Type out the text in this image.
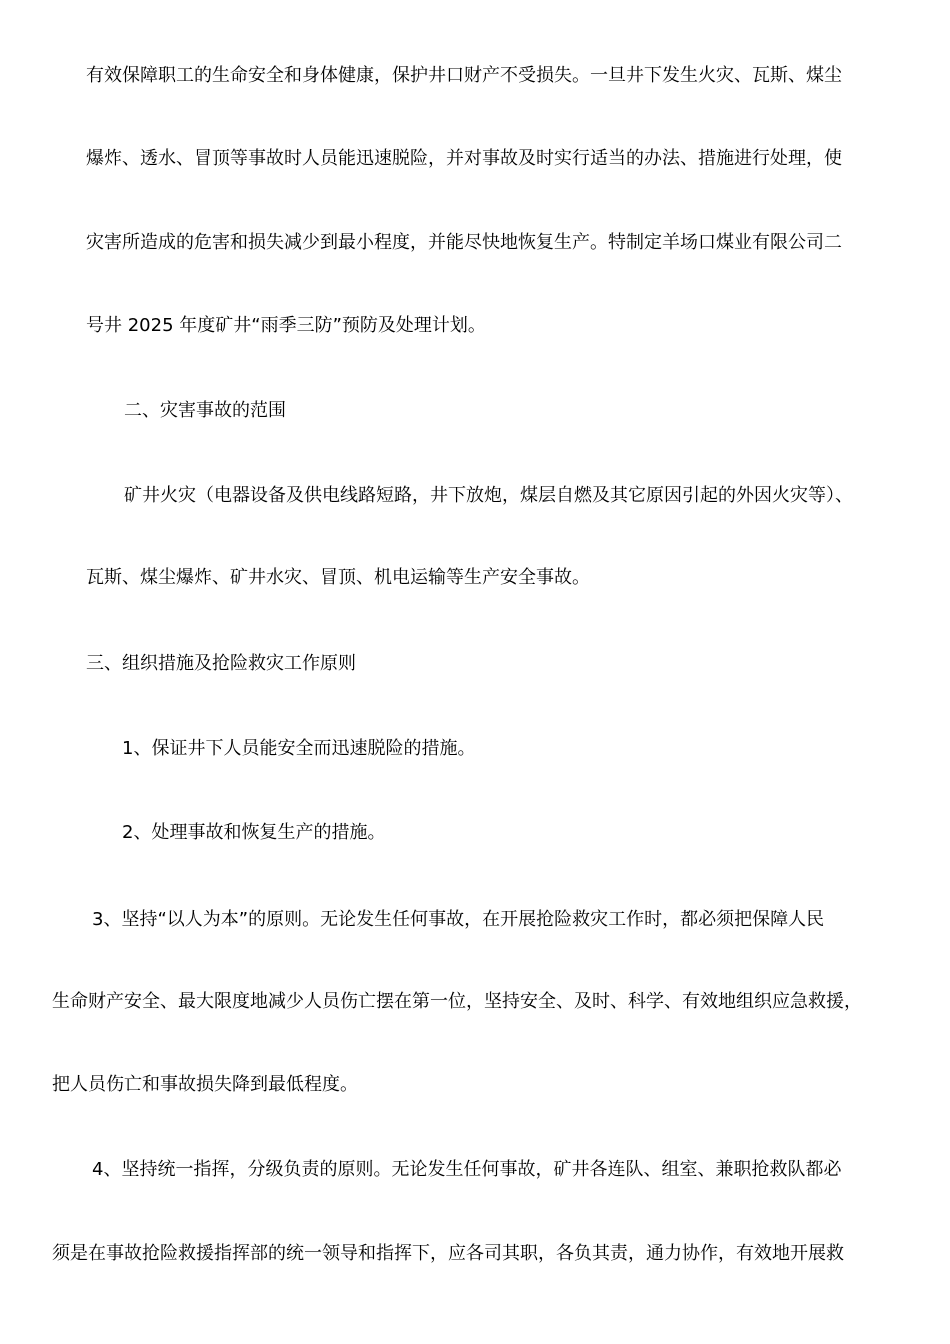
有效保障职工的生命安全和身体健康，保护井口财产不受损失。一旦井下发生火灾、瓦斯、煤尘
爆炸、透水、冒顶等事故时人员能迅速脱险，并对事故及时实行适当的办法、措施进行处理，使
灾害所造成的危害和损失减少到最小程度，并能尽快地恢复生产。特制定羊场口煤业有限公司二
号井 2025 年度矿井“雨季三防”预防及处理计划。
二、灾害事故的范围
矿井火灾（电器设备及供电线路短路，井下放炮，煤层自燃及其它原因引起的外因火灾等）、
瓦斯、煤尘爆炸、矿井水灾、冒顶、机电运输等生产安全事故。
三、组织措施及抢险救灾工作原则
1、保证井下人员能安全而迅速脱险的措施。
2、处理事故和恢复生产的措施。
3、坚持“以人为本”的原则。无论发生任何事故，在开展抢险救灾工作时，都必须把保障人民
生命财产安全、最大限度地减少人员伤亡摆在第一位，坚持安全、及时、科学、有效地组织应急救援，
把人员伤亡和事故损失降到最低程度。
4、坚持统一指挥，分级负责的原则。无论发生任何事故，矿井各连队、组室、兼职抢救队都必
须是在事故抢险救援指挥部的统一领导和指挥下，应各司其职，各负其责，通力协作，有效地开展救
